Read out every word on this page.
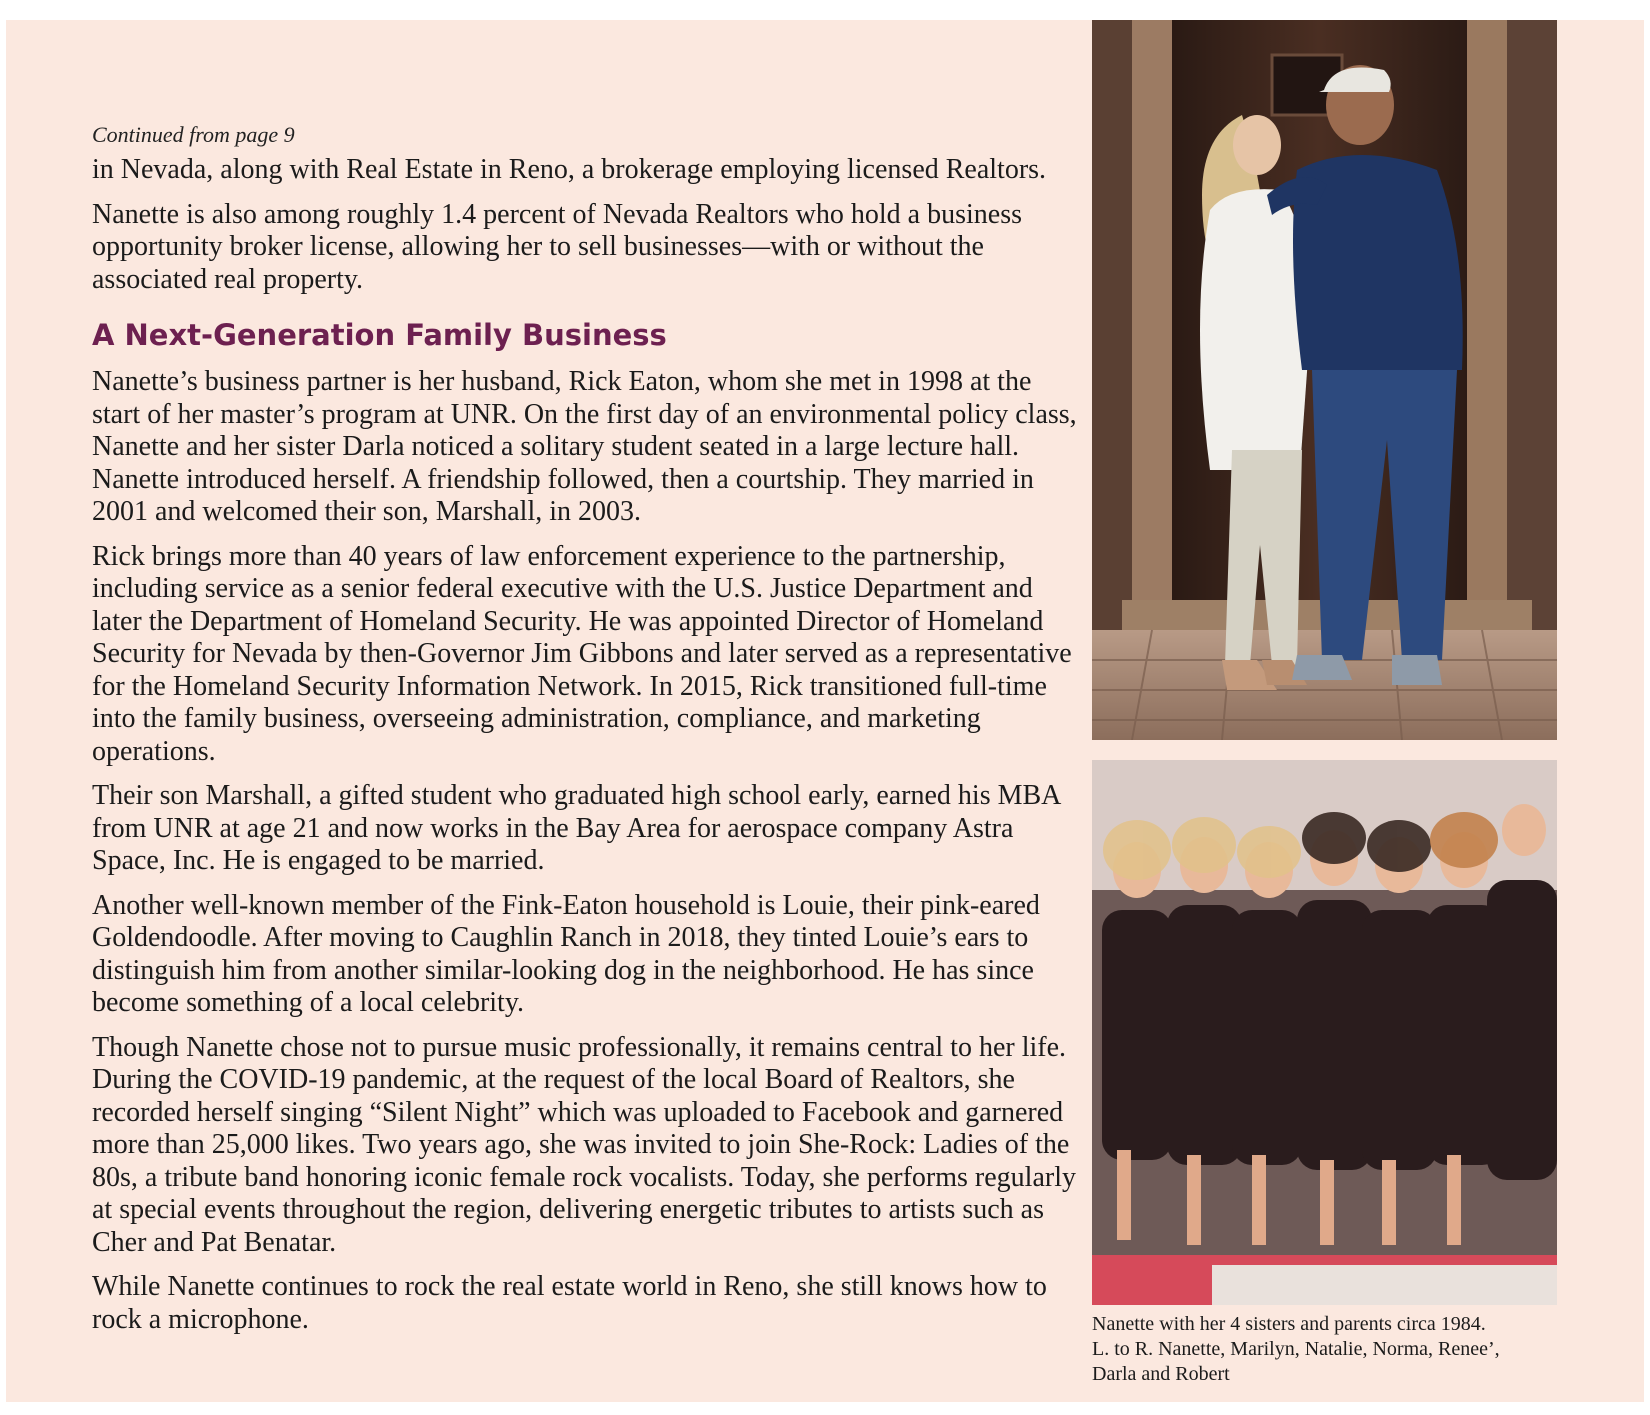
Continued from page 9

in Nevada, along with Real Estate in Reno, a brokerage employing licensed Realtors.

Nanette is also among roughly 1.4 percent of Nevada Realtors who hold a business opportunity broker license, allowing her to sell businesses—with or without the associated real property.

A Next-Generation Family Business

Nanette’s business partner is her husband, Rick Eaton, whom she met in 1998 at the start of her master’s program at UNR. On the first day of an environmental policy class, Nanette and her sister Darla noticed a solitary student seated in a large lecture hall. Nanette introduced herself. A friendship followed, then a courtship. They married in 2001 and welcomed their son, Marshall, in 2003.

Rick brings more than 40 years of law enforcement experience to the partnership, including service as a senior federal executive with the U.S. Justice Department and later the Department of Homeland Security. He was appointed Director of Homeland Security for Nevada by then-Governor Jim Gibbons and later served as a representative for the Homeland Security Information Network. In 2015, Rick transitioned full-time into the family business, overseeing administration, compliance, and marketing operations.

Their son Marshall, a gifted student who graduated high school early, earned his MBA from UNR at age 21 and now works in the Bay Area for aerospace company Astra Space, Inc. He is engaged to be married.

Another well-known member of the Fink-Eaton household is Louie, their pink-eared Goldendoodle. After moving to Caughlin Ranch in 2018, they tinted Louie’s ears to distinguish him from another similar-looking dog in the neighborhood. He has since become something of a local celebrity.

Though Nanette chose not to pursue music professionally, it remains central to her life. During the COVID-19 pandemic, at the request of the local Board of Realtors, she recorded herself singing “Silent Night” which was uploaded to Facebook and garnered more than 25,000 likes. Two years ago, she was invited to join She-Rock: Ladies of the 80s, a tribute band honoring iconic female rock vocalists. Today, she performs regularly at special events throughout the region, delivering energetic tributes to artists such as Cher and Pat Benatar.

While Nanette continues to rock the real estate world in Reno, she still knows how to rock a microphone.	Nanette with her 4 sisters and parents circa 1984.
L. to R. Nanette, Marilyn, Natalie, Norma, Renee’,
Darla and Robert
